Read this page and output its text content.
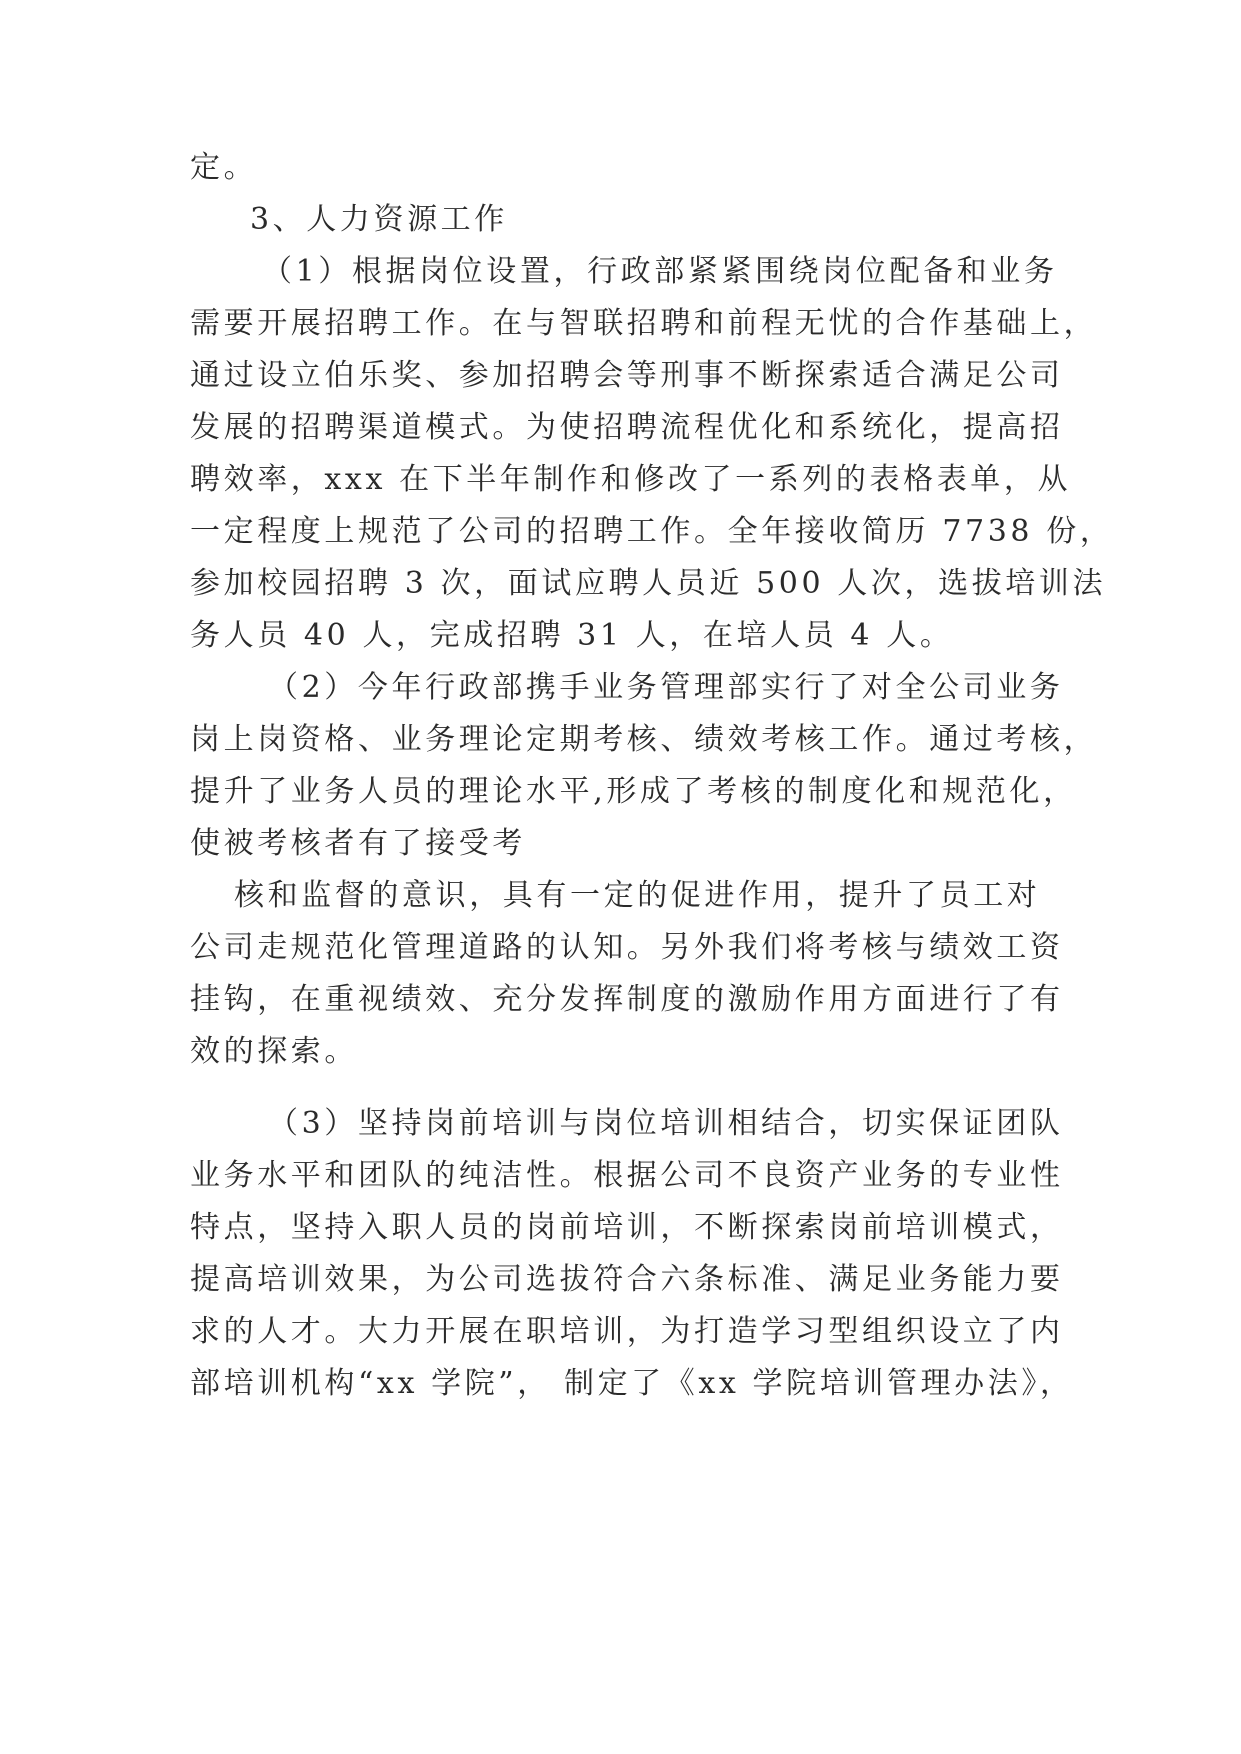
定。

3、人力资源工作

（1）根据岗位设置，行政部紧紧围绕岗位配备和业务

需要开展招聘工作。在与智联招聘和前程无忧的合作基础上，

通过设立伯乐奖、参加招聘会等刑事不断探索适合满足公司

发展的招聘渠道模式。为使招聘流程优化和系统化，提高招

聘效率，xxx 在下半年制作和修改了一系列的表格表单，从

一定程度上规范了公司的招聘工作。全年接收简历 7738 份，

参加校园招聘 3 次，面试应聘人员近 500 人次，选拔培训法

务人员 40 人，完成招聘 31 人，在培人员 4 人。

（2）今年行政部携手业务管理部实行了对全公司业务

岗上岗资格、业务理论定期考核、绩效考核工作。通过考核，

提升了业务人员的理论水平,形成了考核的制度化和规范化，

使被考核者有了接受考

核和监督的意识，具有一定的促进作用，提升了员工对

公司走规范化管理道路的认知。另外我们将考核与绩效工资

挂钩，在重视绩效、充分发挥制度的激励作用方面进行了有

效的探索。

（3）坚持岗前培训与岗位培训相结合，切实保证团队

业务水平和团队的纯洁性。根据公司不良资产业务的专业性

特点，坚持入职人员的岗前培训，不断探索岗前培训模式，

提高培训效果，为公司选拔符合六条标准、满足业务能力要

求的人才。大力开展在职培训，为打造学习型组织设立了内

部培训机构“xx 学院”， 制定了《xx 学院培训管理办法》，
